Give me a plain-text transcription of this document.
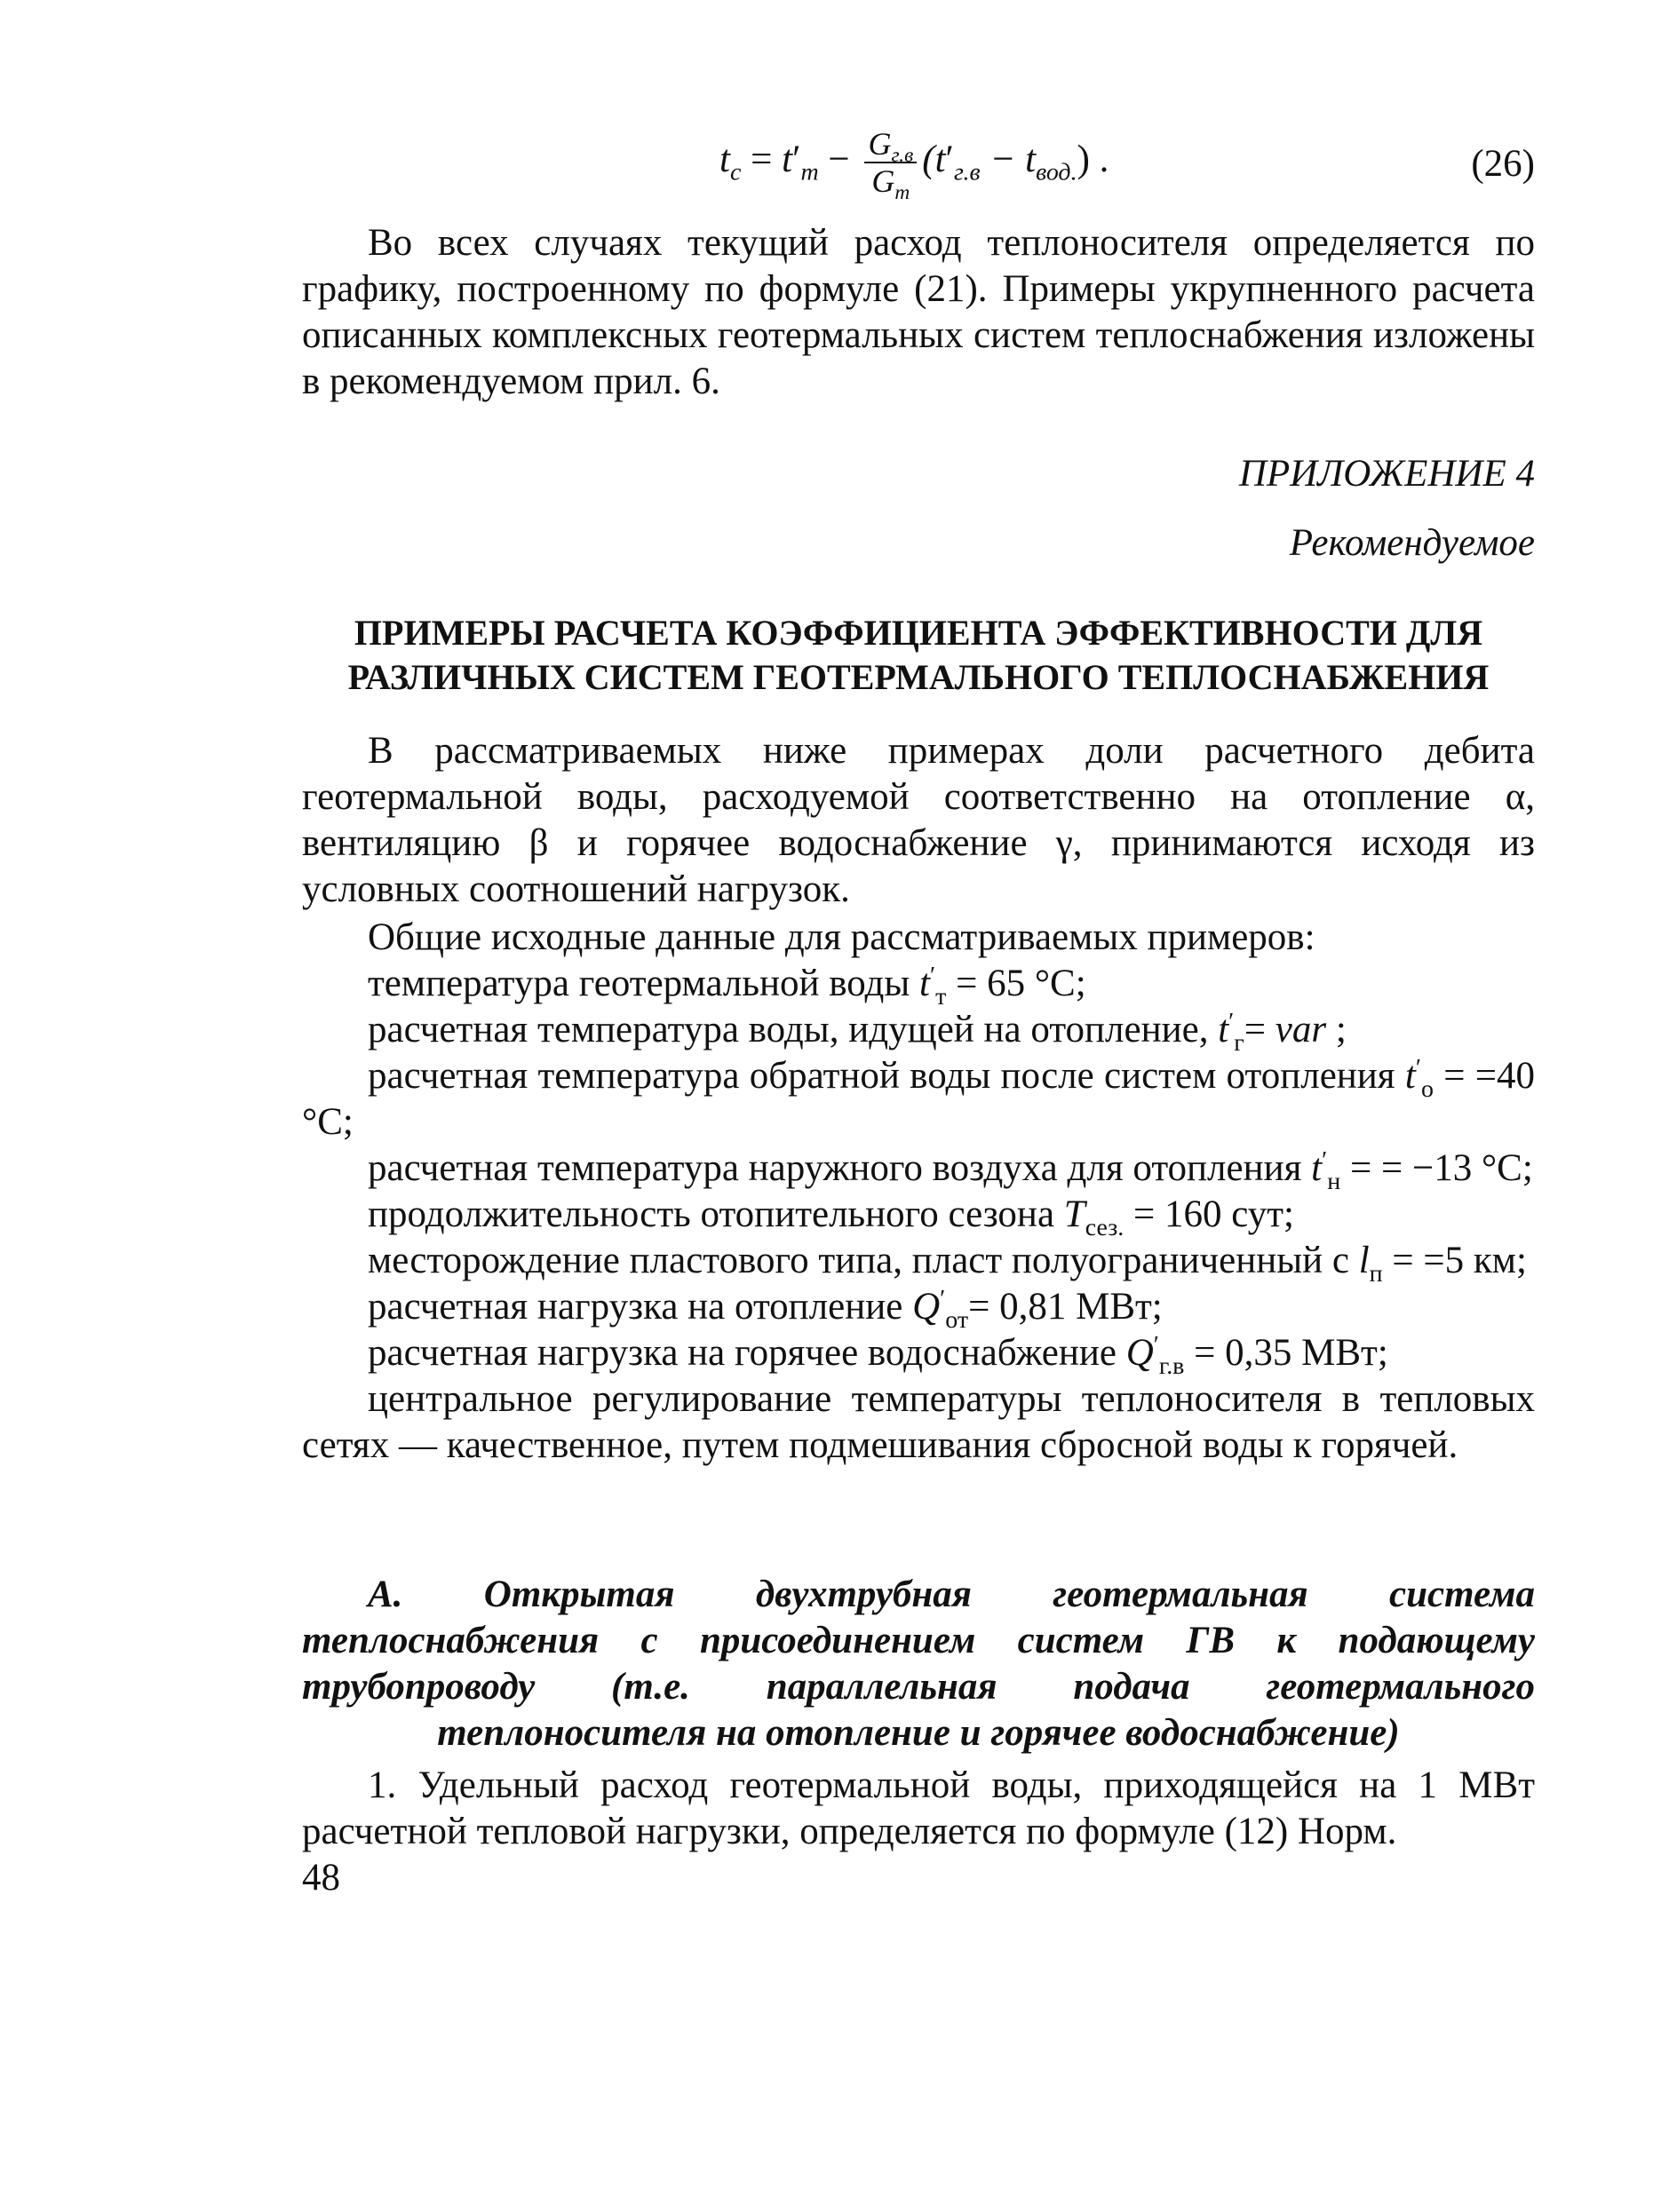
$t_с = t'_т - \frac{G_{г.в}}{G_т} (t'_{г.в} - t_{вод.})$ .	(26)
Во всех случаях текущий расход теплоносителя определяется по графику, построенному по формуле (21). Примеры укрупненного расчета описанных комплексных геотермальных систем теплоснабжения изложены в рекомендуемом прил. 6.
ПРИЛОЖЕНИЕ 4
Рекомендуемое
ПРИМЕРЫ РАСЧЕТА КОЭФФИЦИЕНТА ЭФФЕКТИВНОСТИ ДЛЯ
РАЗЛИЧНЫХ СИСТЕМ ГЕОТЕРМАЛЬНОГО ТЕПЛОСНАБЖЕНИЯ
В рассматриваемых ниже примерах доли расчетного дебита геотермальной воды, расходуемой соответственно на отопление α, вентиляцию β и горячее водоснабжение γ, принимаются исходя из условных соотношений нагрузок.
Общие исходные данные для рассматриваемых примеров:
температура геотермальной воды $t'_т = 65$ °С;
расчетная температура воды, идущей на отопление, $t'_г=$ var ;
расчетная температура обратной воды после систем отопления $t'_о = =40$ °С;
расчетная температура наружного воздуха для отопления $t'_н$ = = −13 °С;
продолжительность отопительного сезона $T_{сез.} = 160$ сут;
месторождение пластового типа, пласт полуограниченный с $l_п = =5$ км;
расчетная нагрузка на отопление $Q'_{от}= 0,81$ МВт;
расчетная нагрузка на горячее водоснабжение $Q'_{г.в} = 0,35$ МВт;
центральное регулирование температуры теплоносителя в тепловых сетях — качественное, путем подмешивания сбросной воды к горячей.
А. Открытая двухтрубная геотермальная система теплоснабжения с присоединением систем ГВ к подающему трубопроводу (т.е. параллельная подача геотермального теплоносителя на отопление и горячее водоснабжение)
1. Удельный расход геотермальной воды, приходящейся на 1 МВт расчетной тепловой нагрузки, определяется по формуле (12) Норм.
48
